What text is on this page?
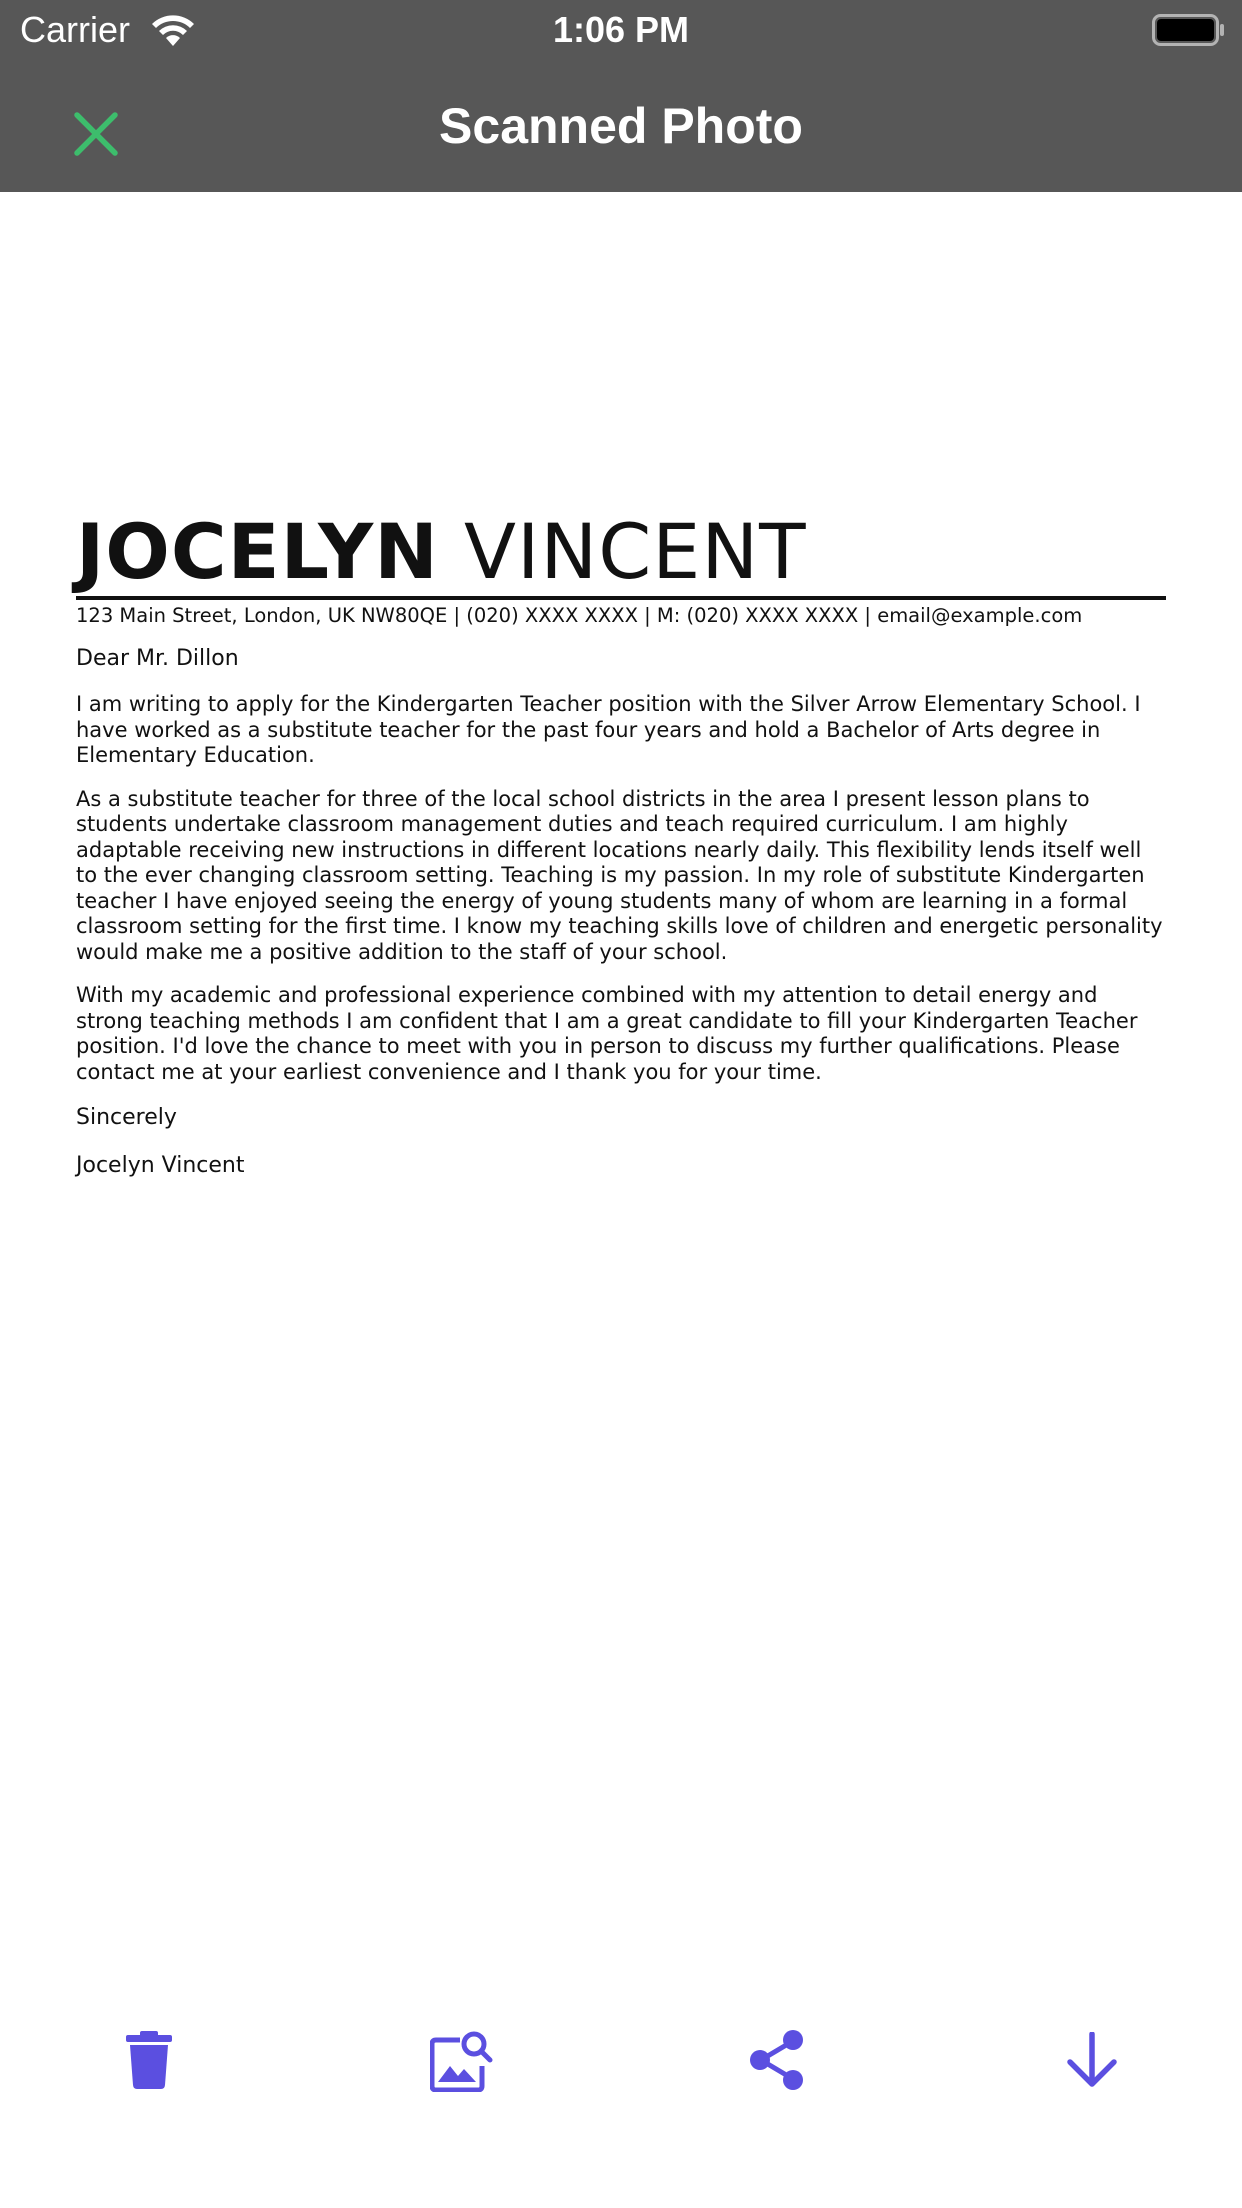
Carrier	1:06 PM
Scanned Photo
JOCELYN VINCENT
123 Main Street, London, UK NW80QE | (020) XXXX XXXX | M: (020) XXXX XXXX | email@example.com
Dear Mr. Dillon
I am writing to apply for the Kindergarten Teacher position with the Silver Arrow Elementary School. I have worked as a substitute teacher for the past four years and hold a Bachelor of Arts degree in Elementary Education.
As a substitute teacher for three of the local school districts in the area I present lesson plans to students undertake classroom management duties and teach required curriculum. I am highly adaptable receiving new instructions in different locations nearly daily. This flexibility lends itself well to the ever changing classroom setting. Teaching is my passion. In my role of substitute Kindergarten teacher I have enjoyed seeing the energy of young students many of whom are learning in a formal classroom setting for the first time. I know my teaching skills love of children and energetic personality would make me a positive addition to the staff of your school.
With my academic and professional experience combined with my attention to detail energy and strong teaching methods I am confident that I am a great candidate to fill your Kindergarten Teacher position. I'd love the chance to meet with you in person to discuss my further qualifications. Please contact me at your earliest convenience and I thank you for your time.
Sincerely
Jocelyn Vincent
